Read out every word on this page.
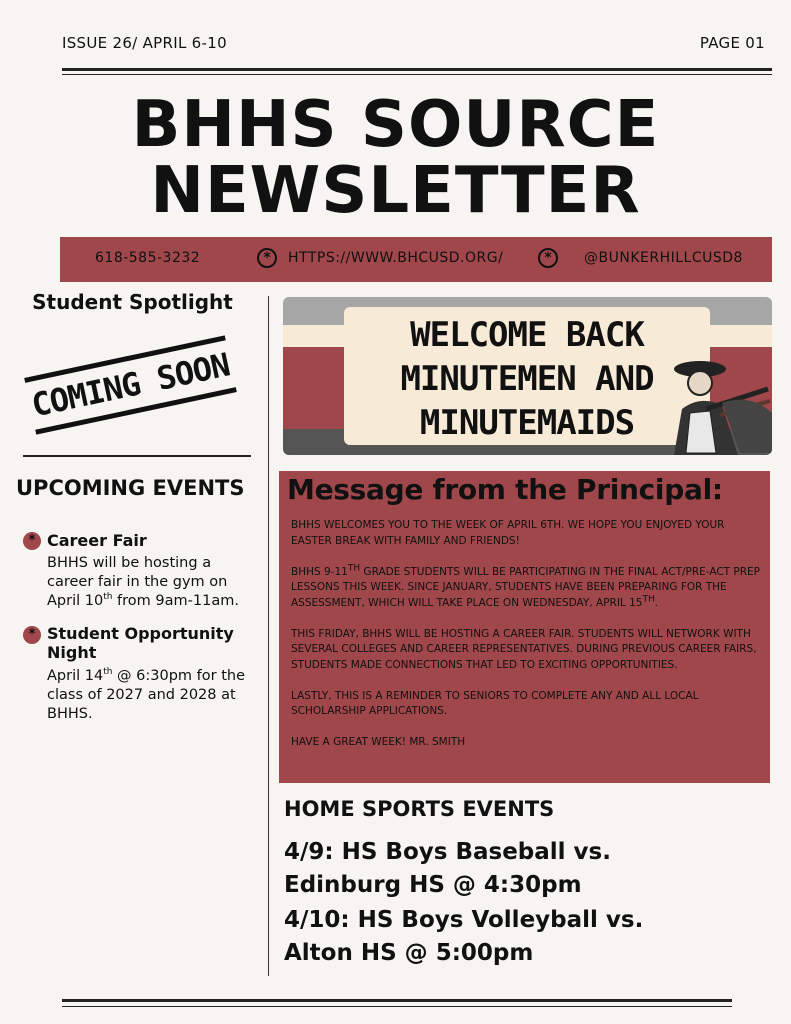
ISSUE 26/ APRIL 6-10	PAGE 01
BHHS SOURCE
NEWSLETTER
618-585-3232	*	HTTPS://WWW.BHCUSD.ORG/	*	@BUNKERHILLCUSD8
Student Spotlight
COMING SOON
UPCOMING EVENTS
* Career Fair
BHHS will be hosting a
career fair in the gym on
April 10th from 9am-11am.
* Student Opportunity
Night
April 14th @ 6:30pm for the
class of 2027 and 2028 at
BHHS.
WELCOME BACK
MINUTEMEN AND
MINUTEMAIDS
Message from the Principal:

BHHS WELCOMES YOU TO THE WEEK OF APRIL 6TH. WE HOPE YOU ENJOYED YOUR EASTER BREAK WITH FAMILY AND FRIENDS!

BHHS 9-11TH GRADE STUDENTS WILL BE PARTICIPATING IN THE FINAL ACT/PRE-ACT PREP LESSONS THIS WEEK. SINCE JANUARY, STUDENTS HAVE BEEN PREPARING FOR THE ASSESSMENT, WHICH WILL TAKE PLACE ON WEDNESDAY, APRIL 15TH.

THIS FRIDAY, BHHS WILL BE HOSTING A CAREER FAIR. STUDENTS WILL NETWORK WITH SEVERAL COLLEGES AND CAREER REPRESENTATIVES. DURING PREVIOUS CAREER FAIRS, STUDENTS MADE CONNECTIONS THAT LED TO EXCITING OPPORTUNITIES.

LASTLY, THIS IS A REMINDER TO SENIORS TO COMPLETE ANY AND ALL LOCAL SCHOLARSHIP APPLICATIONS.

HAVE A GREAT WEEK! MR. SMITH

HOME SPORTS EVENTS
4/9: HS Boys Baseball vs.
Edinburg HS @ 4:30pm
4/10: HS Boys Volleyball vs.
Alton HS @ 5:00pm
